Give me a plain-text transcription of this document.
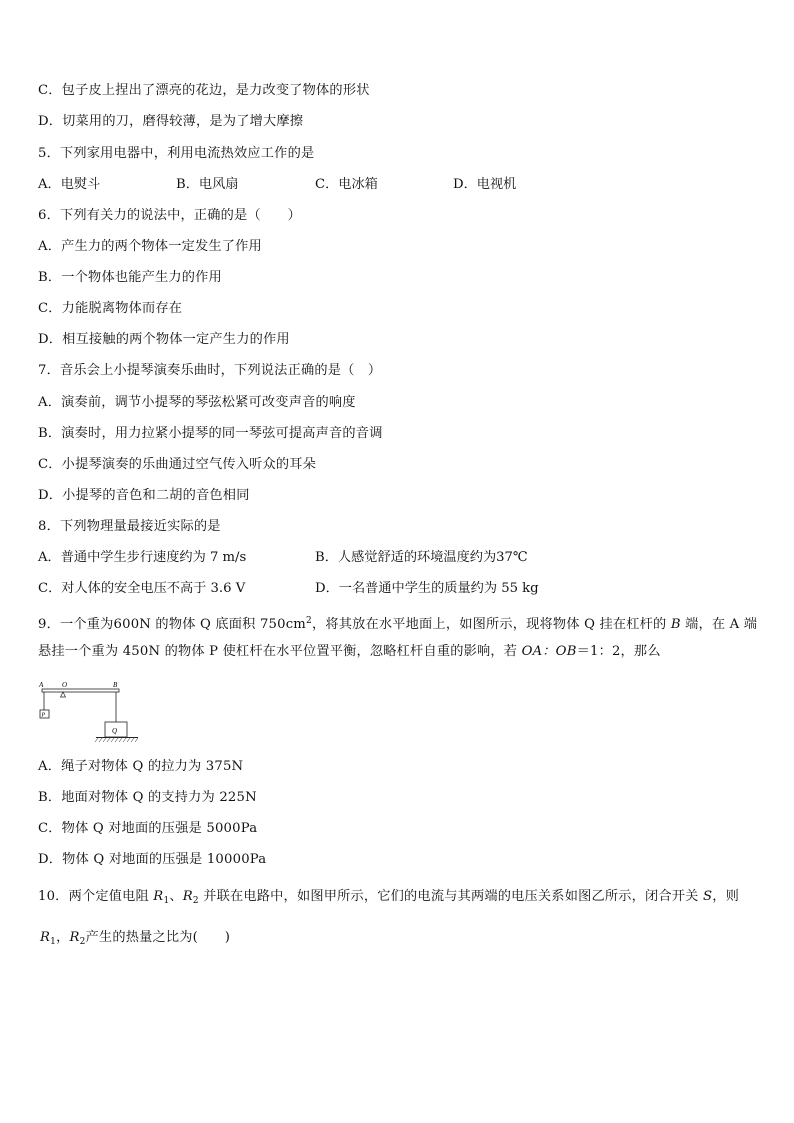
C．包子皮上捏出了漂亮的花边，是力改变了物体的形状
D．切菜用的刀，磨得较薄，是为了增大摩擦
5．下列家用电器中，利用电流热效应工作的是
A．电熨斗	B．电风扇	C．电冰箱	D．电视机
6．下列有关力的说法中，正确的是（　　）
A．产生力的两个物体一定发生了作用
B．一个物体也能产生力的作用
C．力能脱离物体而存在
D．相互接触的两个物体一定产生力的作用
7．音乐会上小提琴演奏乐曲时，下列说法正确的是（　）
A．演奏前，调节小提琴的琴弦松紧可改变声音的响度
B．演奏时，用力拉紧小提琴的同一琴弦可提高声音的音调
C．小提琴演奏的乐曲通过空气传入听众的耳朵
D．小提琴的音色和二胡的音色相同
8．下列物理量最接近实际的是
A．普通中学生步行速度约为 7 m/s	B．人感觉舒适的环境温度约为37℃
C．对人体的安全电压不高于 3.6 V	D．一名普通中学生的质量约为 55 kg
9．一个重为600N 的物体 Q 底面积 $750cm^2$，将其放在水平地面上，如图所示，现将物体 Q 挂在杠杆的 B 端，在 A 端
悬挂一个重为 450N 的物体 P 使杠杆在水平位置平衡，忽略杠杆自重的影响，若 OA：OB＝1：2，那么
A	O	B
P
Q
A．绳子对物体 Q 的拉力为 375N
B．地面对物体 Q 的支持力为 225N
C．物体 Q 对地面的压强是 5000Pa
D．物体 Q 对地面的压强是 10000Pa
10．两个定值电阻 $R_1$、$R_2$ 并联在电路中，如图甲所示，它们的电流与其两端的电压关系如图乙所示，闭合开关 S，则
$R_1$，$R_2$产生的热量之比为(　　)
